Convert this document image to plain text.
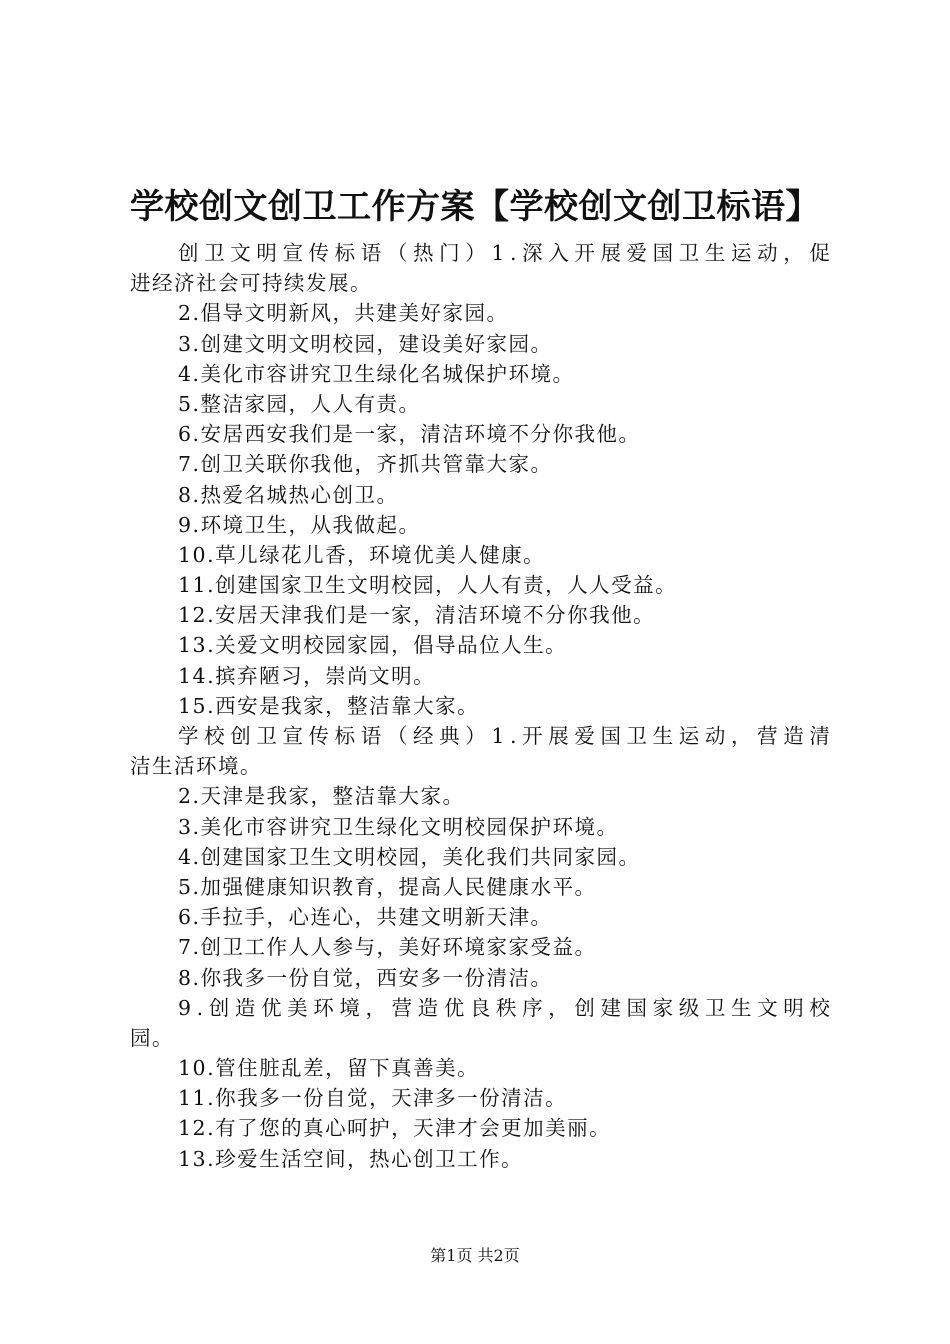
学校创文创卫工作方案【学校创文创卫标语】
创 卫 文 明 宣 传 标 语 （ 热 门 ） 1 . 深 入 开 展 爱 国 卫 生 运 动 ， 促
进经济社会可持续发展。
2.倡导文明新风，共建美好家园。
3.创建文明文明校园，建设美好家园。
4.美化市容讲究卫生绿化名城保护环境。
5.整洁家园，人人有责。
6.安居西安我们是一家，清洁环境不分你我他。
7.创卫关联你我他，齐抓共管靠大家。
8.热爱名城热心创卫。
9.环境卫生，从我做起。
10.草儿绿花儿香，环境优美人健康。
11.创建国家卫生文明校园，人人有责，人人受益。
12.安居天津我们是一家，清洁环境不分你我他。
13.关爱文明校园家园，倡导品位人生。
14.摈弃陋习，崇尚文明。
15.西安是我家，整洁靠大家。
学 校 创 卫 宣 传 标 语 （ 经 典 ） 1 . 开 展 爱 国 卫 生 运 动 ， 营 造 清
洁生活环境。
2.天津是我家，整洁靠大家。
3.美化市容讲究卫生绿化文明校园保护环境。
4.创建国家卫生文明校园，美化我们共同家园。
5.加强健康知识教育，提高人民健康水平。
6.手拉手，心连心，共建文明新天津。
7.创卫工作人人参与，美好环境家家受益。
8.你我多一份自觉，西安多一份清洁。
9 . 创 造 优 美 环 境 ， 营 造 优 良 秩 序 ， 创 建 国 家 级 卫 生 文 明 校
园。
10.管住脏乱差，留下真善美。
11.你我多一份自觉，天津多一份清洁。
12.有了您的真心呵护，天津才会更加美丽。
13.珍爱生活空间，热心创卫工作。
第1页 共2页
